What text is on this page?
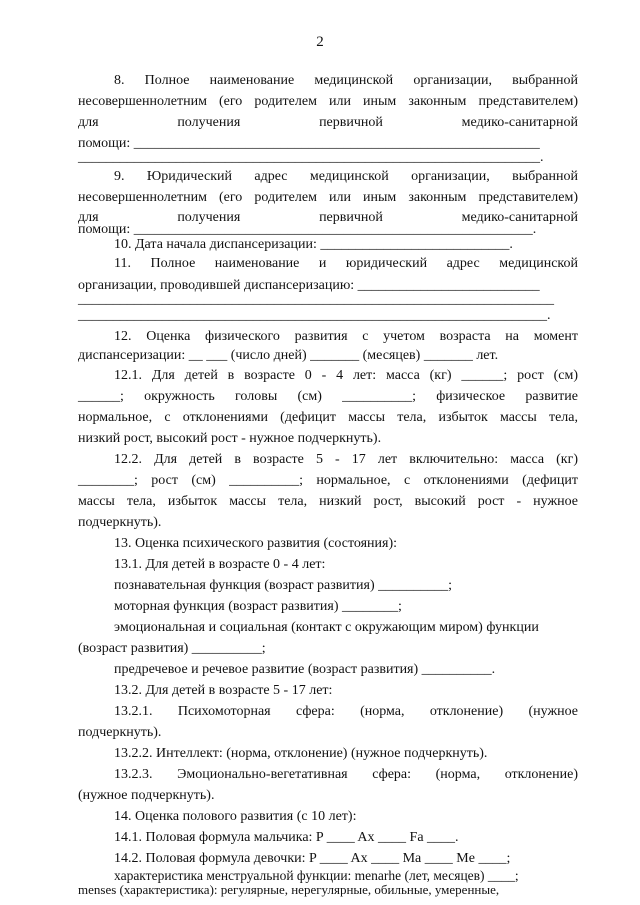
2
8. Полное наименование медицинской организации, выбранной
несовершеннолетним (его родителем или иным законным представителем)
для получения первичной медико-санитарной
помощи: __________________________________________________________
__________________________________________________________________.
9. Юридический адрес медицинской организации, выбранной
несовершеннолетним (его родителем или иным законным представителем)
для получения первичной медико-санитарной
помощи: _________________________________________________________.
10. Дата начала диспансеризации: ___________________________.
11. Полное наименование и юридический адрес медицинской
организации, проводившей диспансеризацию: __________________________
____________________________________________________________________
___________________________________________________________________.
12. Оценка физического развития с учетом возраста на момент
диспансеризации: __ ___ (число дней) _______ (месяцев) _______ лет.
12.1. Для детей в возрасте 0 - 4 лет: масса (кг) ______; рост (см)
______; окружность головы (см) __________; физическое развитие
нормальное, с отклонениями (дефицит массы тела, избыток массы тела,
низкий рост, высокий рост - нужное подчеркнуть).
12.2. Для детей в возрасте 5 - 17 лет включительно: масса (кг)
________; рост (см) __________; нормальное, с отклонениями (дефицит
массы тела, избыток массы тела, низкий рост, высокий рост - нужное
подчеркнуть).
13. Оценка психического развития (состояния):
13.1. Для детей в возрасте 0 - 4 лет:
познавательная функция (возраст развития) __________;
моторная функция (возраст развития) ________;
эмоциональная и социальная (контакт с окружающим миром) функции
(возраст развития) __________;
предречевое и речевое развитие (возраст развития) __________.
13.2. Для детей в возрасте 5 - 17 лет:
13.2.1. Психомоторная сфера: (норма, отклонение) (нужное
подчеркнуть).
13.2.2. Интеллект: (норма, отклонение) (нужное подчеркнуть).
13.2.3. Эмоционально-вегетативная сфера: (норма, отклонение)
(нужное подчеркнуть).
14. Оценка полового развития (с 10 лет):
14.1. Половая формула мальчика: P ____ Ax ____ Fa ____.
14.2. Половая формула девочки: P ____ Ax ____ Ma ____ Me ____;
характеристика менструальной функции: menarhe (лет, месяцев) ____;
menses (характеристика): регулярные, нерегулярные, обильные, умеренные,
